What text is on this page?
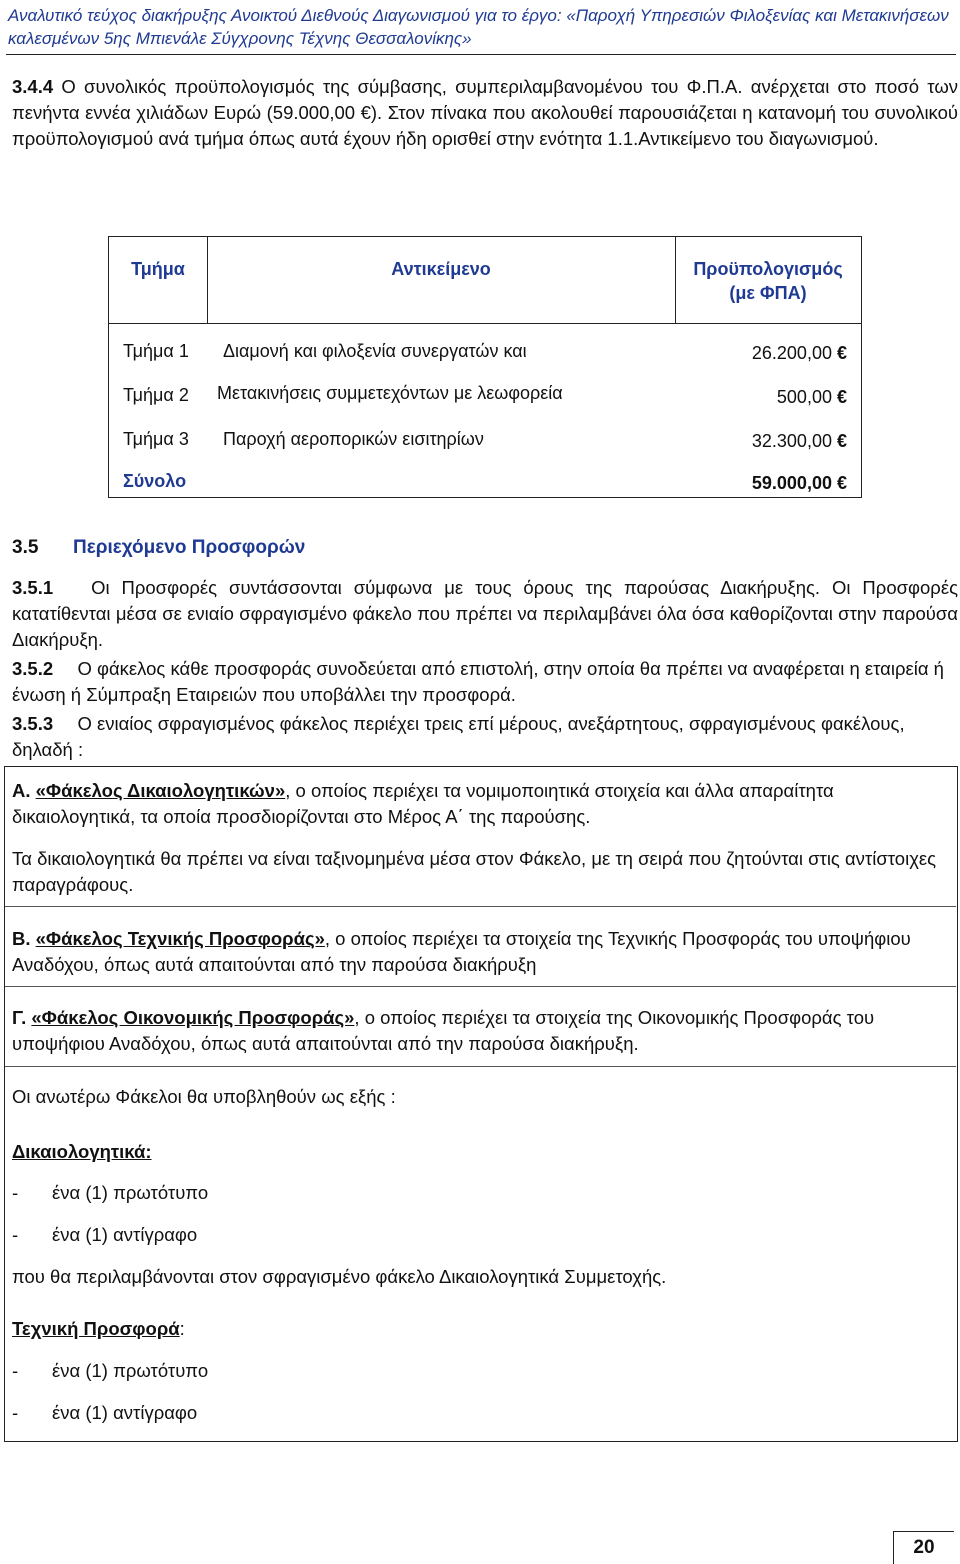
Αναλυτικό τεύχος διακήρυξης Ανοικτού Διεθνούς Διαγωνισμού για το έργο: «Παροχή Υπηρεσιών Φιλοξενίας και Μετακινήσεων
καλεσμένων 5ης Μπιενάλε Σύγχρονης Τέχνης Θεσσαλονίκης»
3.4.4 Ο συνολικός προϋπολογισμός της σύμβασης, συμπεριλαμβανομένου του Φ.Π.Α. ανέρχεται στο ποσό των πενήντα εννέα χιλιάδων Ευρώ (59.000,00 €). Στον πίνακα που ακολουθεί παρουσιάζεται η κατανομή του συνολικού προϋπολογισμού ανά τμήμα όπως αυτά έχουν ήδη ορισθεί στην ενότητα 1.1.Αντικείμενο του διαγωνισμού.
Τμήμα	Αντικείμενο	Προϋπολογισμός
(με ΦΠΑ)
Τμήμα 1 Διαμονή και φιλοξενία συνεργατών και	26.200,00 €
Τμήμα 2 Μετακινήσεις συμμετεχόντων με λεωφορεία	500,00 €
Τμήμα 3 Παροχή αεροπορικών εισιτηρίων	32.300,00 €
Σύνολο	59.000,00 €
3.5 Περιεχόμενο Προσφορών
3.5.1 Οι Προσφορές συντάσσονται σύμφωνα με τους όρους της παρούσας Διακήρυξης. Οι Προσφορές κατατίθενται μέσα σε ενιαίο σφραγισμένο φάκελο που πρέπει να περιλαμβάνει όλα όσα καθορίζονται στην παρούσα Διακήρυξη.
3.5.2 Ο φάκελος κάθε προσφοράς συνοδεύεται από επιστολή, στην οποία θα πρέπει να αναφέρεται η εταιρεία ή ένωση ή Σύμπραξη Εταιρειών που υποβάλλει την προσφορά.
3.5.3 Ο ενιαίος σφραγισμένος φάκελος περιέχει τρεις επί μέρους, ανεξάρτητους, σφραγισμένους φακέλους, δηλαδή :
Α. «Φάκελος Δικαιολογητικών», ο οποίος περιέχει τα νομιμοποιητικά στοιχεία και άλλα απαραίτητα δικαιολογητικά, τα οποία προσδιορίζονται στο Μέρος Α΄ της παρούσης.
Τα δικαιολογητικά θα πρέπει να είναι ταξινομημένα μέσα στον Φάκελο, με τη σειρά που ζητούνται στις αντίστοιχες παραγράφους.
Β. «Φάκελος Τεχνικής Προσφοράς», ο οποίος περιέχει τα στοιχεία της Τεχνικής Προσφοράς του υποψήφιου Αναδόχου, όπως αυτά απαιτούνται από την παρούσα διακήρυξη
Γ. «Φάκελος Οικονομικής Προσφοράς», ο οποίος περιέχει τα στοιχεία της Οικονομικής Προσφοράς του υποψήφιου Αναδόχου, όπως αυτά απαιτούνται από την παρούσα διακήρυξη.
Οι ανωτέρω Φάκελοι θα υποβληθούν ως εξής :
Δικαιολογητικά:
- ένα (1) πρωτότυπο
- ένα (1) αντίγραφο
που θα περιλαμβάνονται στον σφραγισμένο φάκελο Δικαιολογητικά Συμμετοχής.
Τεχνική Προσφορά:
- ένα (1) πρωτότυπο
- ένα (1) αντίγραφο
20
